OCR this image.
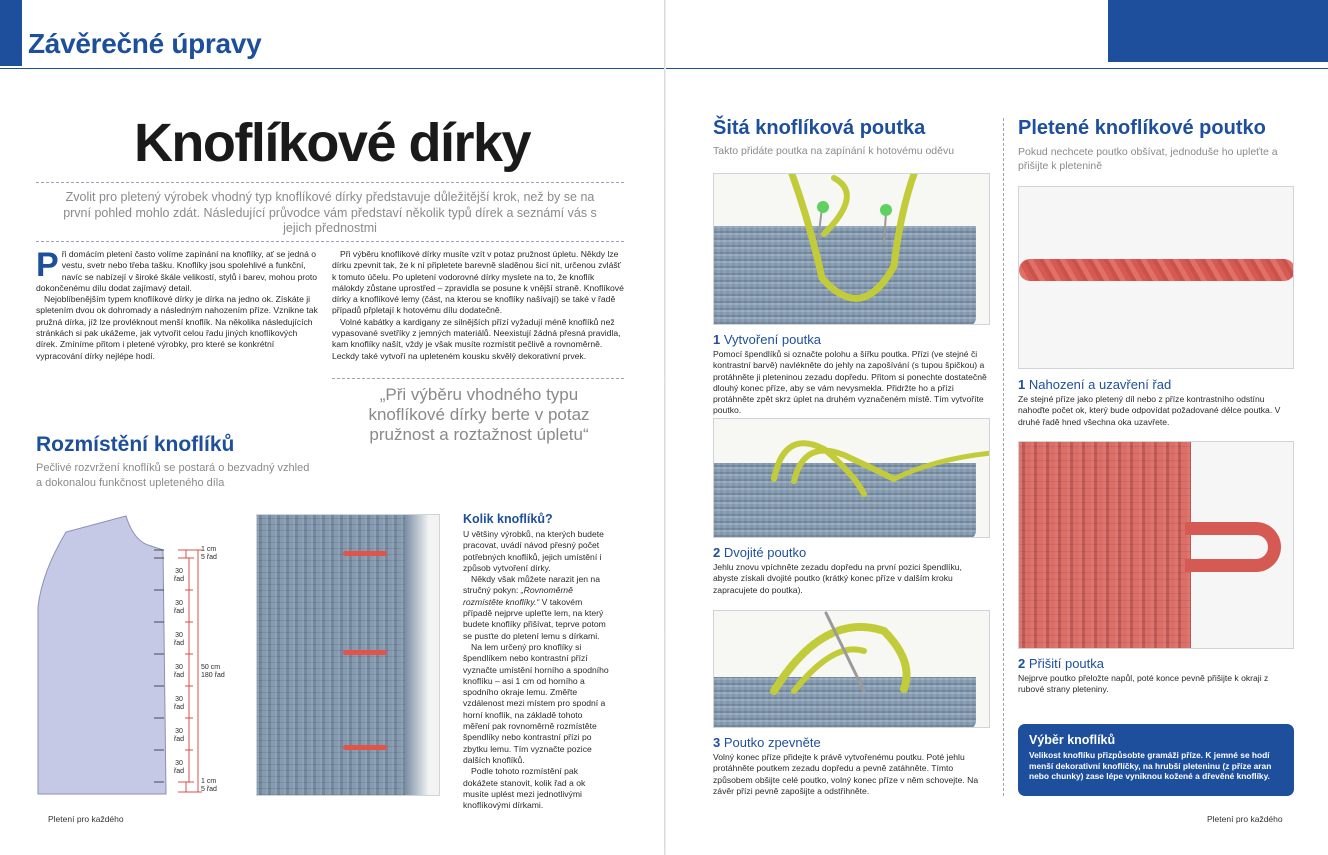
Závěrečné úpravy
Knoflíkové dírky
Zvolit pro pletený výrobek vhodný typ knoflíkové dírky představuje důležitější krok, než by se na první pohled mohlo zdát. Následující průvodce vám představí několik typů dírek a seznámí vás s jejich přednostmi
P ři domácím pletení často volíme zapínání na knoflíky, ať se jedná o vestu, svetr nebo třeba tašku. Knoflíky jsou spolehlivé a funkční, navíc se nabízejí v široké škále velikostí, stylů i barev, mohou proto dokončenému dílu dodat zajímavý detail.

Nejoblíbenějším typem knoflíkové dírky je dírka na jedno ok. Získáte ji spletením dvou ok dohromady a následným nahozením příze. Vznikne tak pružná dírka, jíž lze provléknout menší knoflík. Na několika následujících stránkách si pak ukážeme, jak vytvořit celou řadu jiných knoflíkových dírek. Zmíníme přitom i pletené výrobky, pro které se konkrétní vypracování dírky nejlépe hodí.

Při výběru knoflíkové dírky musíte vzít v potaz pružnost úpletu. Někdy lze dírku zpevnit tak, že k ní připletete barevně sladěnou šicí nit, určenou zvlášť k tomuto účelu. Po upletení vodorovné dírky myslete na to, že knoflík málokdy zůstane uprostřed – zpravidla se posune k vnější straně. Knoflíkové dírky a knoflíkové lemy (část, na kterou se knoflíky našívají) se také v řadě případů přpletají k hotovému dílu dodatečně.

Volné kabátky a kardigany ze silnějších přízí vyžadují méně knoflíků než vypasované svetříky z jemných materiálů. Neexistují žádná přesná pravidla, kam knoflíky našít, vždy je však musíte rozmístit pečlivě a rovnoměrně. Leckdy také vytvoří na upleteném kousku skvělý dekorativní prvek.

„Při výběru vhodného typu knoflíkové dírky berte v potaz pružnost a roztažnost úpletu“
Rozmístění knoflíků
Pečlivé rozvržení knoflíků se postará o bezvadný vzhled a dokonalou funkčnost upleteného díla
1 cm
5 řad
30
řad
30
řad
30
řad
30
řad
30
řad
30
řad
30
řad
50 cm
180 řad
1 cm
5 řad
Kolik knoflíků?

U většiny výrobků, na kterých budete pracovat, uvádí návod přesný počet potřebných knoflíků, jejich umístění i způsob vytvoření dírky.

Někdy však můžete narazit jen na stručný pokyn: „Rovnoměrně rozmístěte knoflíky.“ V takovém případě nejprve upleťte lem, na který budete knoflíky přišívat, teprve potom se pusťte do pletení lemu s dírkami.

Na lem určený pro knoflíky si špendlíkem nebo kontrastní přízí vyznačte umístění horního a spodního knoflíku – asi 1 cm od horního a spodního okraje lemu. Změřte vzdálenost mezi místem pro spodní a horní knoflík, na základě tohoto měření pak rovnoměrně rozmístěte špendlíky nebo kontrastní přízi po zbytku lemu. Tím vyznačte pozice dalších knoflíků.

Podle tohoto rozmístění pak dokážete stanovit, kolik řad a ok musíte uplést mezi jednotlivými knoflíkovými dírkami.

Pletení pro každého
Šitá knoflíková poutka
Takto přidáte poutka na zapínání k hotovému oděvu
1 Vytvoření poutka
Pomocí špendlíků si označte polohu a šířku poutka. Přízi (ve stejné či kontrastní barvě) navlékněte do jehly na zapošívání (s tupou špičkou) a protáhněte ji pleteninou zezadu dopředu. Přitom si ponechte dostatečně dlouhý konec příze, aby se vám nevysmekla. Přidržte ho a přízi protáhněte zpět skrz úplet na druhém vyznačeném místě. Tím vytvoříte poutko.
2 Dvojité poutko
Jehlu znovu vpíchněte zezadu dopředu na první pozici špendlíku, abyste získali dvojité poutko (krátký konec příze v dalším kroku zapracujete do poutka).
3 Poutko zpevněte
Volný konec příze přidejte k právě vytvořenému poutku. Poté jehlu protáhněte poutkem zezadu dopředu a pevně zatáhněte. Tímto způsobem obšijte celé poutko, volný konec příze v něm schovejte. Na závěr přízi pevně zapošijte a odstřihněte.
Pletené knoflíkové poutko
Pokud nechcete poutko obšívat, jednoduše ho upleťte a přišijte k pletenině
1 Nahození a uzavření řad
Ze stejné příze jako pletený díl nebo z příze kontrastního odstínu nahoďte počet ok, který bude odpovídat požadované délce poutka. V druhé řadě hned všechna oka uzavřete.
2 Přišití poutka
Nejprve poutko přeložte napůl, poté konce pevně přišijte k okraji z rubové strany pleteniny.
Výběr knoflíků
Velikost knoflíku přizpůsobte gramáži příze. K jemné se hodí menší dekorativní knoflíčky, na hrubší pleteninu (z příze aran nebo chunky) zase lépe vyniknou kožené a dřevěné knoflíky.
Pletení pro každého
